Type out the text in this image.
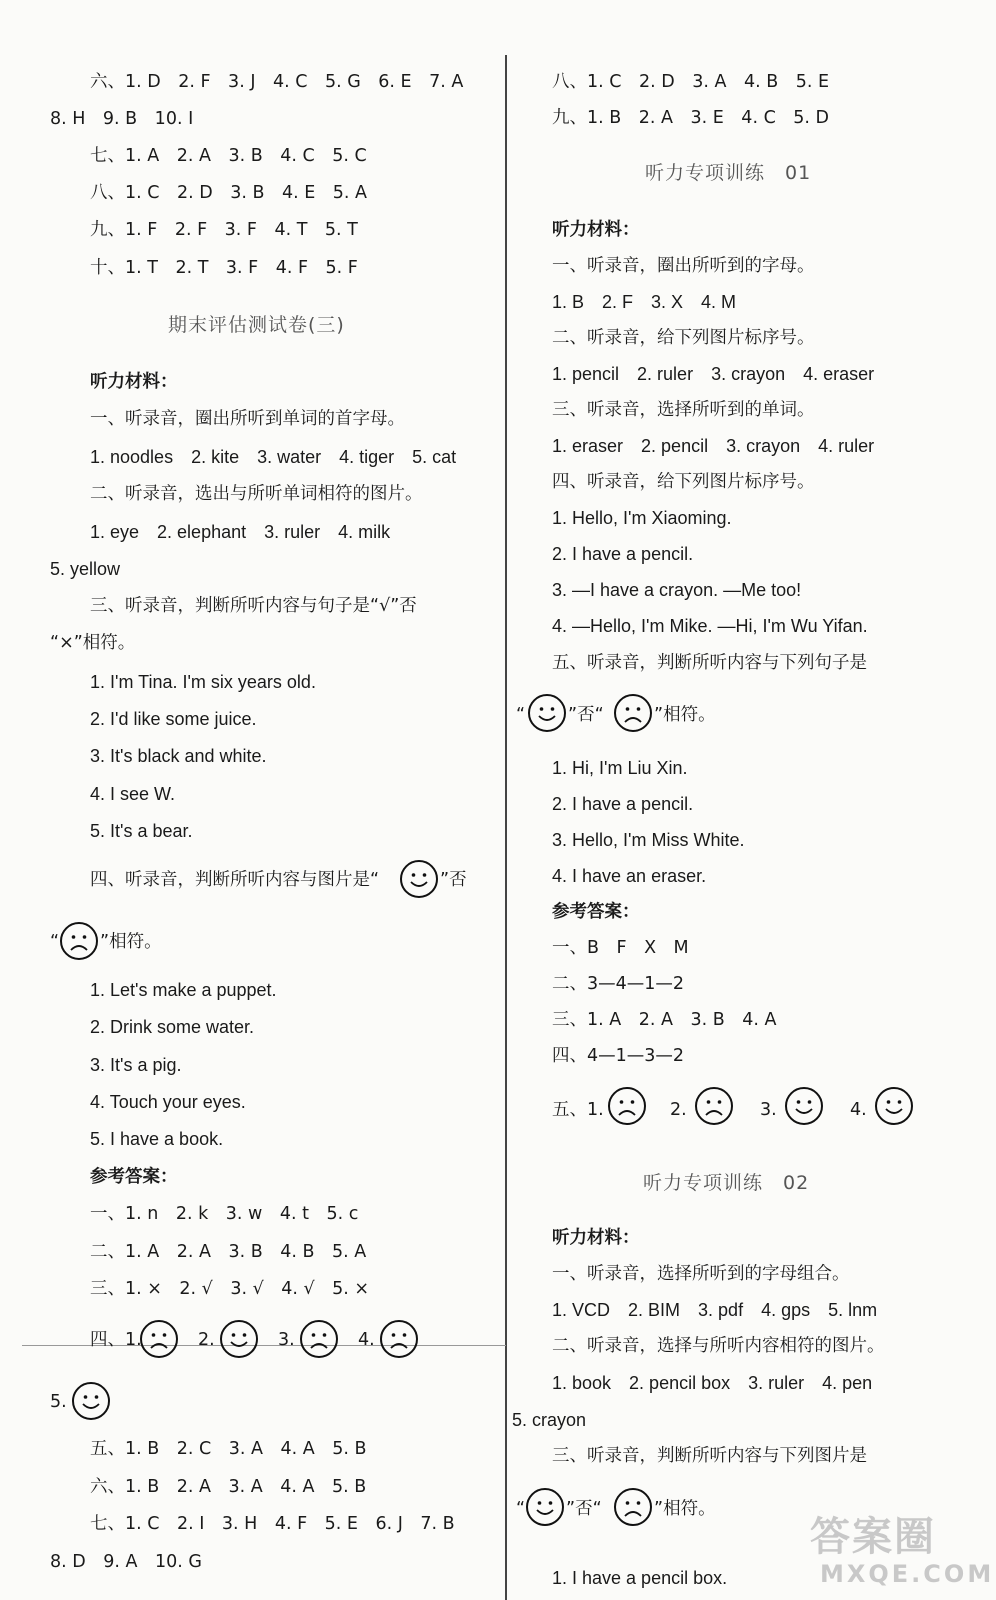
六、1. D　2. F　3. J　4. C　5. G　6. E　7. A
8. H　9. B　10. I
七、1. A　2. A　3. B　4. C　5. C
八、1. C　2. D　3. B　4. E　5. A
九、1. F　2. F　3. F　4. T　5. T
十、1. T　2. T　3. F　4. F　5. F
期末评估测试卷(三)
听力材料：
一、听录音，圈出所听到单词的首字母。
1. noodles　2. kite　3. water　4. tiger　5. cat
二、听录音，选出与所听单词相符的图片。
1. eye　2. elephant　3. ruler　4. milk
5. yellow
三、听录音，判断所听内容与句子是“√”否
“×”相符。
1. I'm Tina. I'm six years old.
2. I'd like some juice.
3. It's black and white.
4. I see W.
5. It's a bear.
四、听录音，判断所听内容与图片是“	”否
“ ”相符。
1. Let's make a puppet.
2. Drink some water.
3. It's a pig.
4. Touch your eyes.
5. I have a book.
参考答案：
一、1. n　2. k　3. w　4. t　5. c
二、1. A　2. A　3. B　4. B　5. A
三、1. ×　2. √　3. √　4. √　5. ×
四、1.	2.	3.	4.
5.
五、1. B　2. C　3. A　4. A　5. B
六、1. B　2. A　3. A　4. A　5. B
七、1. C　2. I　3. H　4. F　5. E　6. J　7. B
8. D　9. A　10. G
八、1. C　2. D　3. A　4. B　5. E
九、1. B　2. A　3. E　4. C　5. D
听力专项训练　01
听力材料：
一、听录音，圈出所听到的字母。
1. B　2. F　3. X　4. M
二、听录音，给下列图片标序号。
1. pencil　2. ruler　3. crayon　4. eraser
三、听录音，选择所听到的单词。
1. eraser　2. pencil　3. crayon　4. ruler
四、听录音，给下列图片标序号。
1. Hello, I'm Xiaoming.
2. I have a pencil.
3. —I have a crayon. —Me too!
4. —Hello, I'm Mike. —Hi, I'm Wu Yifan.
五、听录音，判断所听内容与下列句子是
“ ”否“	”相符。
1. Hi, I'm Liu Xin.
2. I have a pencil.
3. Hello, I'm Miss White.
4. I have an eraser.
参考答案：
一、B　F　X　M
二、3—4—1—2
三、1. A　2. A　3. B　4. A
四、4—1—3—2
五、1.	2.	3.	4.
听力专项训练　02
听力材料：
一、听录音，选择所听到的字母组合。
1. VCD　2. BIM　3. pdf　4. gps　5. lnm
二、听录音，选择与所听内容相符的图片。
1. book　2. pencil box　3. ruler　4. pen
5. crayon
三、听录音，判断所听内容与下列图片是
“ ”否“	”相符。
1. I have a pencil box.
答案圈
MXQE.COM
